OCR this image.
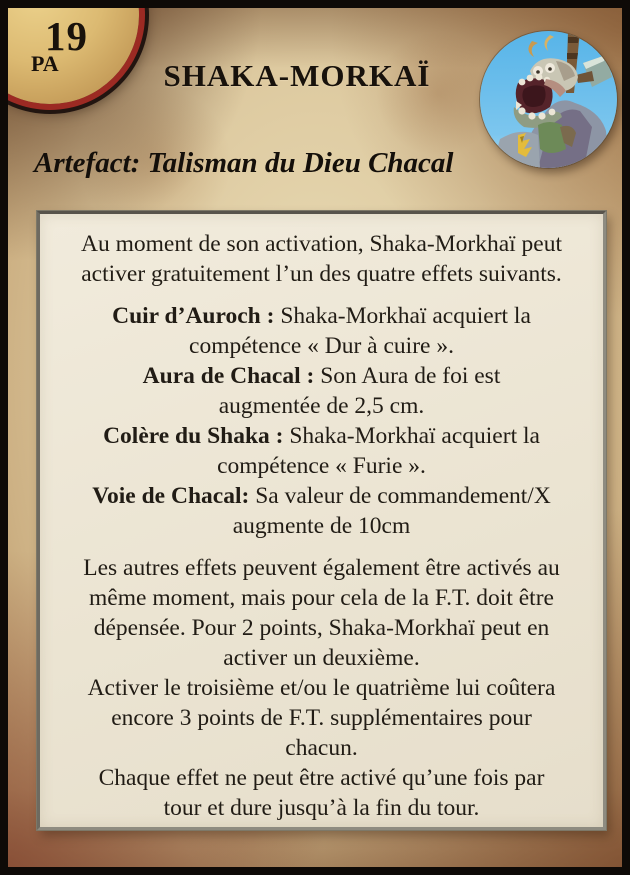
19
PA	SHAKA-MORKAÏ
Artefact: Talisman du Dieu Chacal
Au moment de son activation, Shaka-Morkhaï peut
activer gratuitement l’un des quatre effets suivants.
Cuir d’Auroch : Shaka-Morkhaï acquiert la
compétence « Dur à cuire ».
Aura de Chacal : Son Aura de foi est
augmentée de 2,5 cm.
Colère du Shaka : Shaka-Morkhaï acquiert la
compétence « Furie ».
Voie de Chacal: Sa valeur de commandement/X
augmente de 10cm
Les autres effets peuvent également être activés au
même moment, mais pour cela de la F.T. doit être
dépensée. Pour 2 points, Shaka-Morkhaï peut en
activer un deuxième.
Activer le troisième et/ou le quatrième lui coûtera
encore 3 points de F.T. supplémentaires pour
chacun.
Chaque effet ne peut être activé qu’une fois par
tour et dure jusqu’à la fin du tour.
